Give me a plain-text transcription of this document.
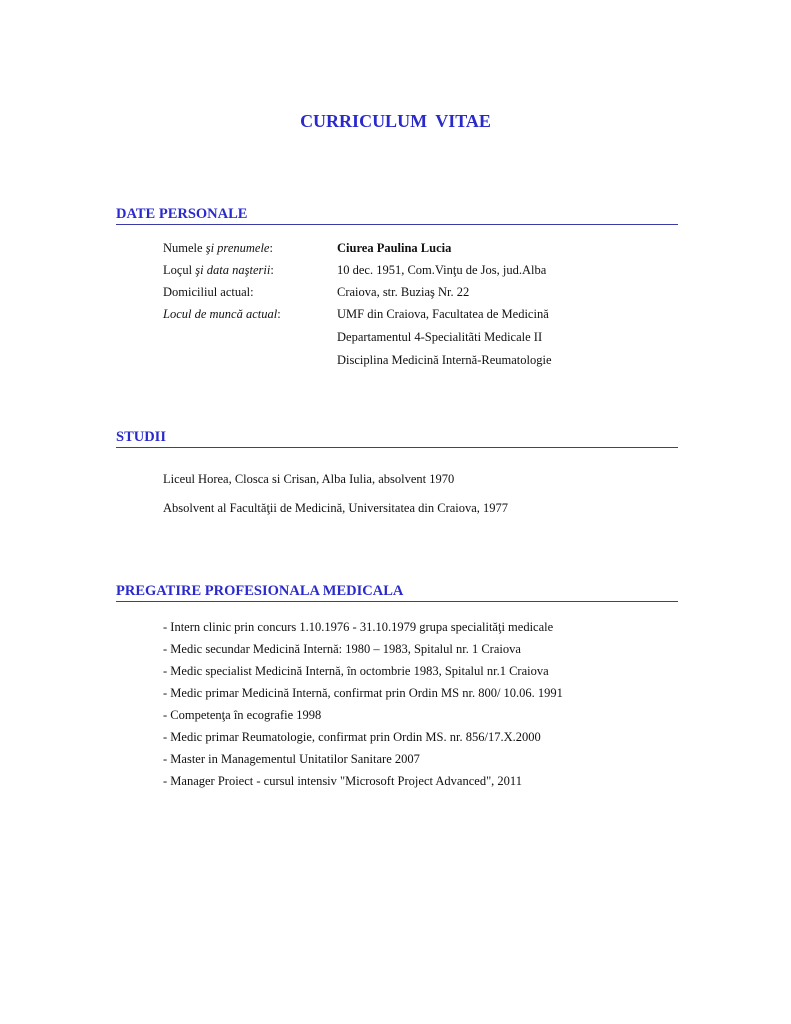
CURRICULUM VITAE
DATE PERSONALE
Numele şi prenumele:	Ciurea Paulina Lucia
Loçul şi data naşterii:	10 dec. 1951, Com.Vinţu de Jos, jud.Alba
Domiciliul actual:	Craiova, str. Buziaş Nr. 22
Locul de muncă actual:	UMF din Craiova, Facultatea de Medicină
Departamentul 4-Specialitãti Medicale II
Disciplina Medicină Internă-Reumatologie
STUDII
Liceul Horea, Closca si Crisan, Alba Iulia, absolvent 1970
Absolvent al Facultăţii de Medicină, Universitatea din Craiova, 1977
PREGATIRE PROFESIONALA MEDICALA
- Intern clinic prin concurs 1.10.1976 - 31.10.1979 grupa specialităţi medicale
- Medic secundar Medicină Internă: 1980 – 1983, Spitalul nr. 1 Craiova
- Medic specialist Medicină Internă, în octombrie 1983, Spitalul nr.1 Craiova
- Medic primar Medicină Internă, confirmat prin Ordin MS nr. 800/ 10.06. 1991
- Competenţa în ecografie 1998
- Medic primar Reumatologie, confirmat prin Ordin MS. nr. 856/17.X.2000
- Master in Managementul Unitatilor Sanitare 2007
- Manager Proiect - cursul intensiv "Microsoft Project Advanced", 2011
